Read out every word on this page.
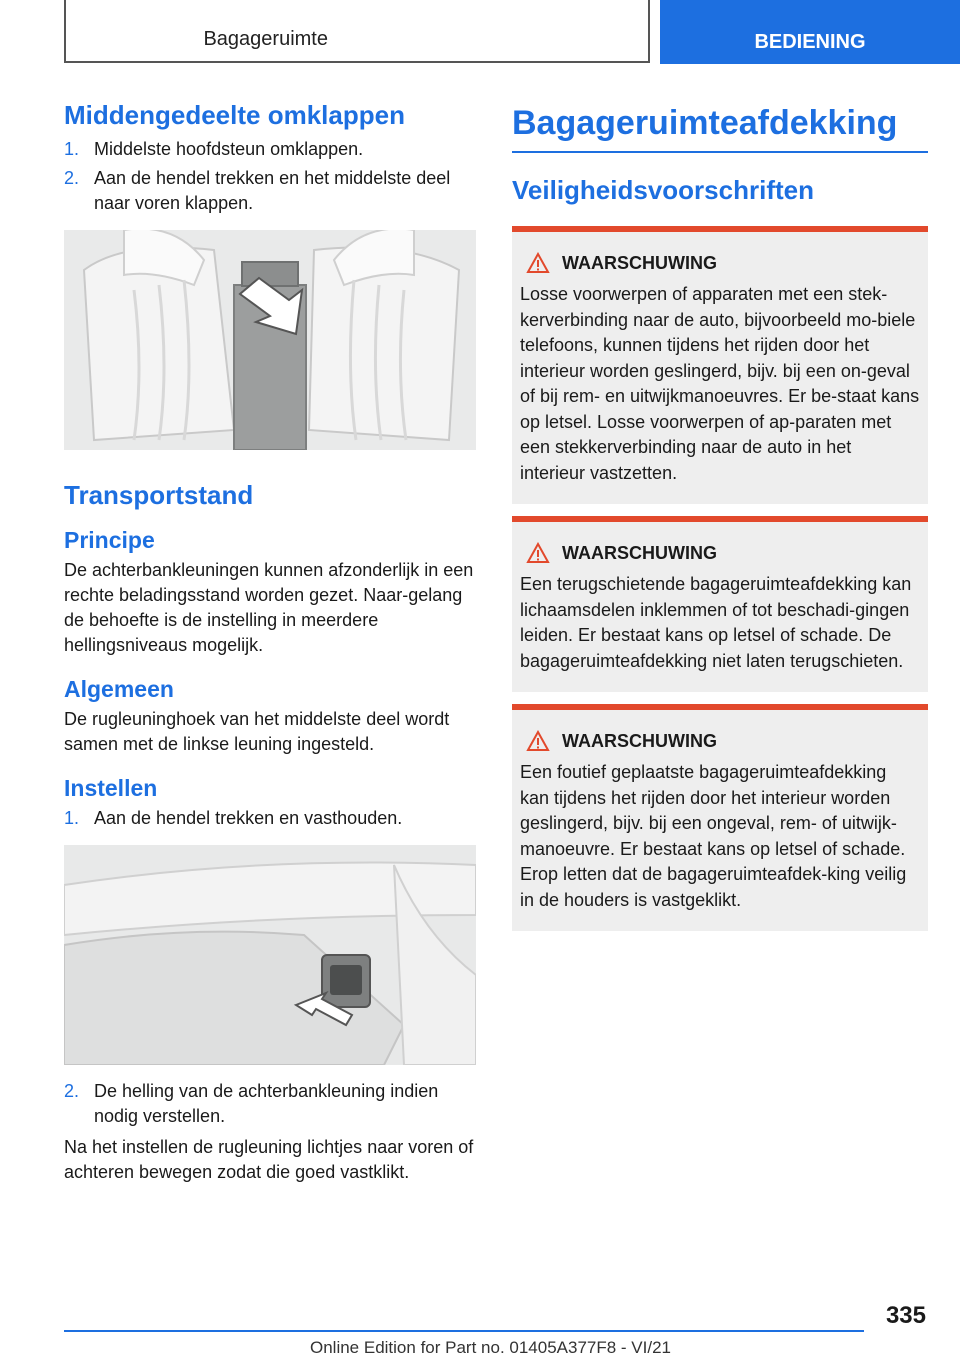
Bagageruimte	BEDIENING
Middengedeelte omklappen
1. Middelste hoofdsteun omklappen.
2. Aan de hendel trekken en het middelste deel naar voren klappen.
Transportstand
Principe

De achterbankleuningen kunnen afzonderlijk in een rechte beladingsstand worden gezet. Naar-gelang de behoefte is de instelling in meerdere hellingsniveaus mogelijk.

Algemeen

De rugleuninghoek van het middelste deel wordt samen met de linkse leuning ingesteld.

Instellen
1. Aan de hendel trekken en vasthouden.
2. De helling van de achterbankleuning indien nodig verstellen.

Na het instellen de rugleuning lichtjes naar voren of achteren bewegen zodat die goed vastklikt.

Bagageruimteafdekking
Veiligheidsvoorschriften
WAARSCHUWING

Losse voorwerpen of apparaten met een stek-kerverbinding naar de auto, bijvoorbeeld mo-biele telefoons, kunnen tijdens het rijden door het interieur worden geslingerd, bijv. bij een on-geval of bij rem- en uitwijkmanoeuvres. Er be-staat kans op letsel. Losse voorwerpen of ap-paraten met een stekkerverbinding naar de auto in het interieur vastzetten.

WAARSCHUWING

Een terugschietende bagageruimteafdekking kan lichaamsdelen inklemmen of tot beschadi-gingen leiden. Er bestaat kans op letsel of schade. De bagageruimteafdekking niet laten terugschieten.

WAARSCHUWING

Een foutief geplaatste bagageruimteafdekking kan tijdens het rijden door het interieur worden geslingerd, bijv. bij een ongeval, rem- of uitwijk-manoeuvre. Er bestaat kans op letsel of schade. Erop letten dat de bagageruimteafdek-king veilig in de houders is vastgeklikt.

335
Online Edition for Part no. 01405A377F8 - VI/21
